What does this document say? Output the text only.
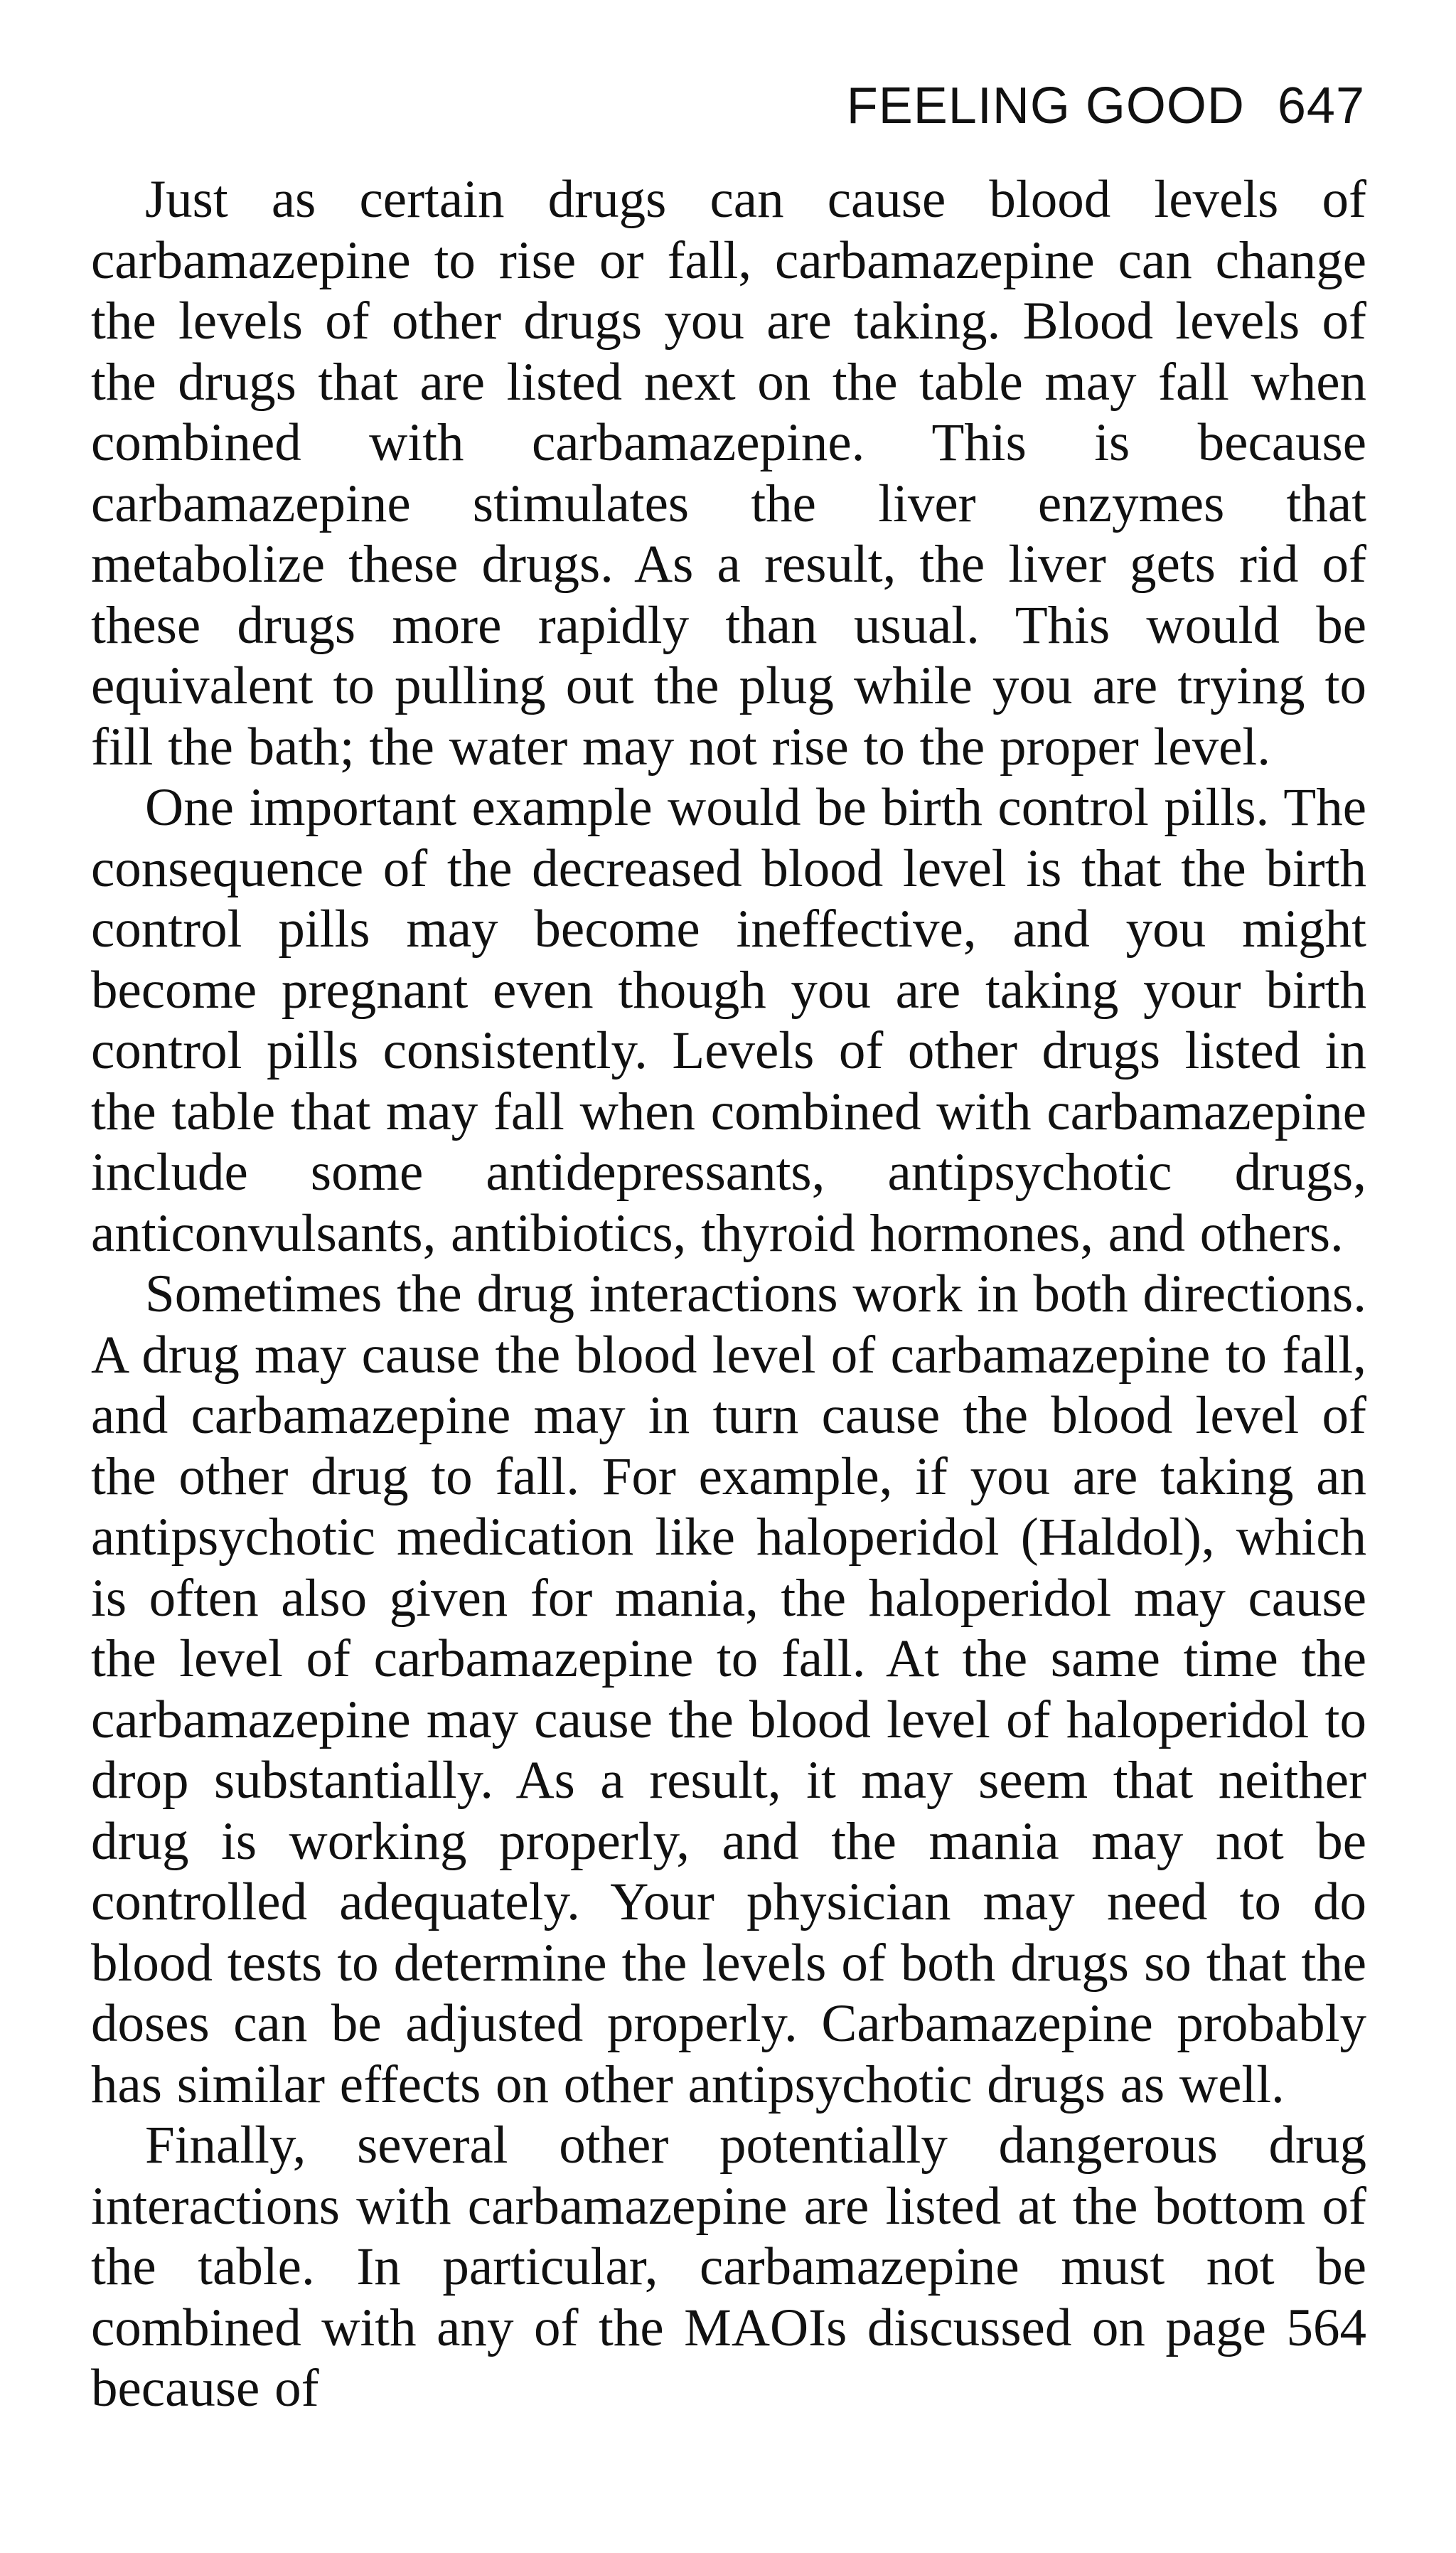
FEELING GOOD 647

Just as certain drugs can cause blood levels of carbamazepine to rise or fall, carbamazepine can change the levels of other drugs you are taking. Blood levels of the drugs that are listed next on the table may fall when combined with carbamazepine. This is because carbamazepine stimulates the liver enzymes that metabolize these drugs. As a result, the liver gets rid of these drugs more rapidly than usual. This would be equivalent to pulling out the plug while you are trying to fill the bath; the water may not rise to the proper level.

One important example would be birth control pills. The consequence of the decreased blood level is that the birth control pills may become ineffective, and you might become pregnant even though you are taking your birth control pills consistently. Levels of other drugs listed in the table that may fall when combined with carbamazepine include some antidepressants, antipsychotic drugs, anticonvulsants, antibiotics, thyroid hormones, and others.

Sometimes the drug interactions work in both directions. A drug may cause the blood level of carbamazepine to fall, and carbamazepine may in turn cause the blood level of the other drug to fall. For example, if you are taking an antipsychotic medication like haloperidol (Haldol), which is often also given for mania, the haloperidol may cause the level of carbamazepine to fall. At the same time the carbamazepine may cause the blood level of haloperidol to drop substantially. As a result, it may seem that neither drug is working properly, and the mania may not be controlled adequately. Your physician may need to do blood tests to determine the levels of both drugs so that the doses can be adjusted properly. Carbamazepine probably has similar effects on other antipsychotic drugs as well.

Finally, several other potentially dangerous drug interactions with carbamazepine are listed at the bottom of the table. In particular, carbamazepine must not be combined with any of the MAOIs discussed on page 564 because of
